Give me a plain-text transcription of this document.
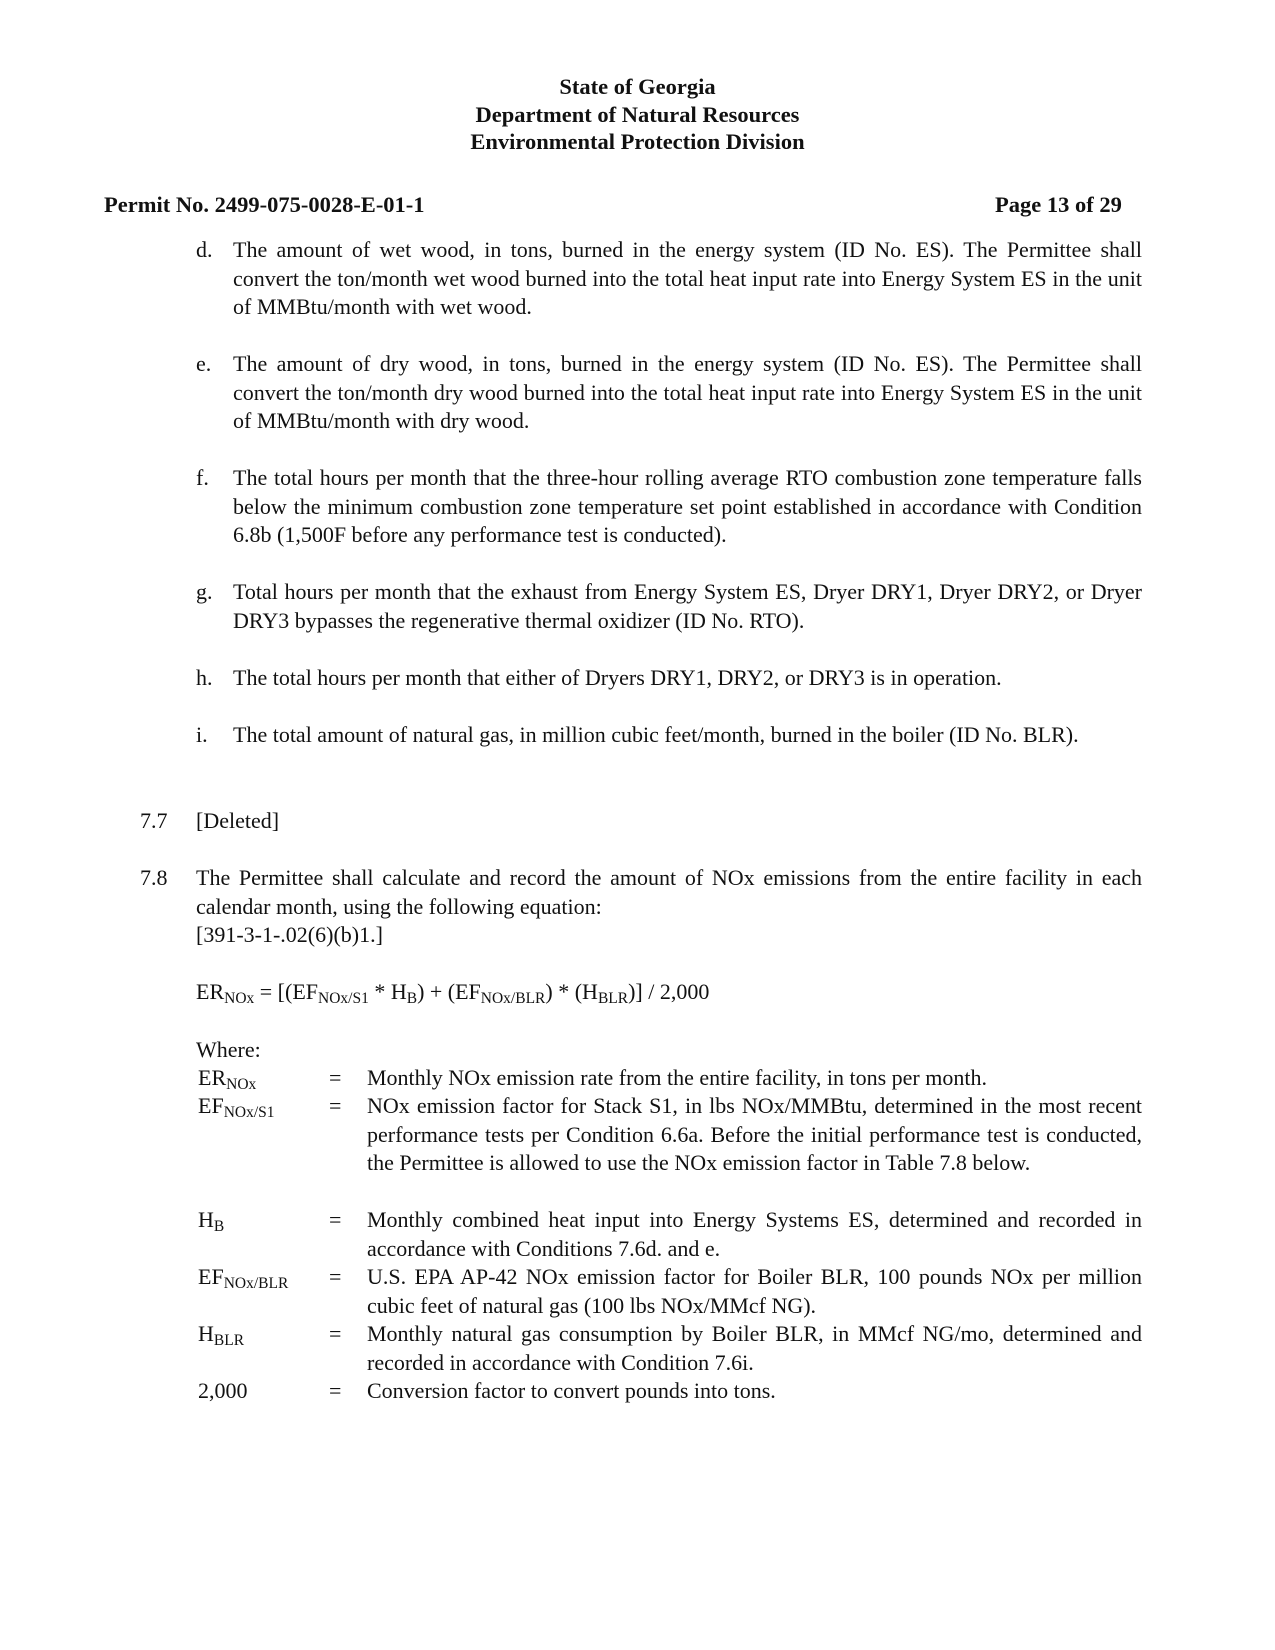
State of Georgia
Department of Natural Resources
Environmental Protection Division
Permit No. 2499-075-0028-E-01-1	Page 13 of 29
d. The amount of wet wood, in tons, burned in the energy system (ID No. ES). The Permittee shall convert the ton/month wet wood burned into the total heat input rate into Energy System ES in the unit of MMBtu/month with wet wood.
e. The amount of dry wood, in tons, burned in the energy system (ID No. ES). The Permittee shall convert the ton/month dry wood burned into the total heat input rate into Energy System ES in the unit of MMBtu/month with dry wood.
f. The total hours per month that the three-hour rolling average RTO combustion zone temperature falls below the minimum combustion zone temperature set point established in accordance with Condition 6.8b (1,500F before any performance test is conducted).
g. Total hours per month that the exhaust from Energy System ES, Dryer DRY1, Dryer DRY2, or Dryer DRY3 bypasses the regenerative thermal oxidizer (ID No. RTO).
h. The total hours per month that either of Dryers DRY1, DRY2, or DRY3 is in operation.
i. The total amount of natural gas, in million cubic feet/month, burned in the boiler (ID No. BLR).
7.7 [Deleted]
7.8 The Permittee shall calculate and record the amount of NOx emissions from the entire facility in each calendar month, using the following equation:
[391-3-1-.02(6)(b)1.]
$ER_{NOx} = [(EF_{NOx/S1} * H_B) + (EF_{NOx/BLR}) * (H_{BLR})] / 2,000$
Where:
$ER_{NOx}$	= Monthly NOx emission rate from the entire facility, in tons per month.
$EF_{NOx/S1}$ = NOx emission factor for Stack S1, in lbs NOx/MMBtu, determined in the most recent performance tests per Condition 6.6a. Before the initial performance test is conducted, the Permittee is allowed to use the NOx emission factor in Table 7.8 below.
$H_B$	= Monthly combined heat input into Energy Systems ES, determined and recorded in accordance with Conditions 7.6d. and e.
$EF_{NOx/BLR} = U.S$. EPA AP-42 NOx emission factor for Boiler BLR, 100 pounds NOx per million cubic feet of natural gas (100 lbs NOx/MMcf NG).
$H_{BLR}$	= Monthly natural gas consumption by Boiler BLR, in MMcf NG/mo, determined and recorded in accordance with Condition 7.6i.
2,000	= Conversion factor to convert pounds into tons.
